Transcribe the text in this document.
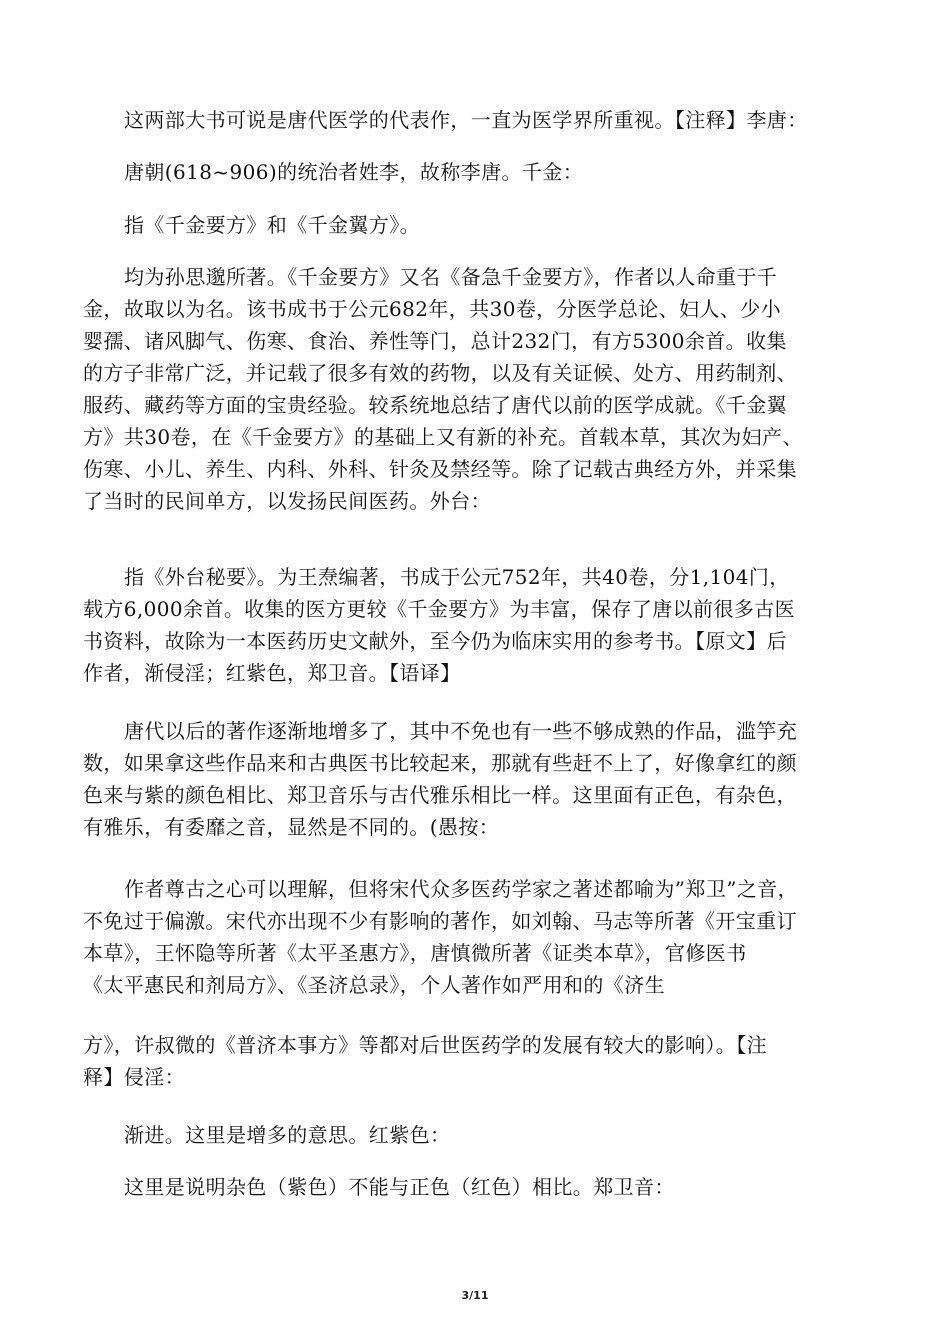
这两部大书可说是唐代医学的代表作，一直为医学界所重视。【注释】李唐：

唐朝(618~906)的统治者姓李，故称李唐。千金：

指《千金要方》和《千金翼方》。

均为孙思邈所著。《千金要方》又名《备急千金要方》，作者以人命重于千
金，故取以为名。该书成书于公元682年，共30卷，分医学总论、妇人、少小
婴孺、诸风脚气、伤寒、食治、养性等门，总计232门，有方5300余首。收集
的方子非常广泛，并记载了很多有效的药物，以及有关证候、处方、用药制剂、
服药、藏药等方面的宝贵经验。较系统地总结了唐代以前的医学成就。《千金翼
方》共30卷，在《千金要方》的基础上又有新的补充。首载本草，其次为妇产、
伤寒、小儿、养生、内科、外科、针灸及禁经等。除了记载古典经方外，并采集
了当时的民间单方，以发扬民间医药。外台：

指《外台秘要》。为王焘编著，书成于公元752年，共40卷，分1,104门，
载方6,000余首。收集的医方更较《千金要方》为丰富，保存了唐以前很多古医
书资料，故除为一本医药历史文献外，至今仍为临床实用的参考书。【原文】后
作者，渐侵淫；红紫色，郑卫音。【语译】

唐代以后的著作逐渐地增多了，其中不免也有一些不够成熟的作品，滥竽充
数，如果拿这些作品来和古典医书比较起来，那就有些赶不上了，好像拿红的颜
色来与紫的颜色相比、郑卫音乐与古代雅乐相比一样。这里面有正色，有杂色，
有雅乐，有委靡之音，显然是不同的。(愚按：

作者尊古之心可以理解，但将宋代众多医药学家之著述都喻为”郑卫”之音，
不免过于偏激。宋代亦出现不少有影响的著作，如刘翰、马志等所著《开宝重订
本草》，王怀隐等所著《太平圣惠方》，唐慎微所著《证类本草》，官修医书
《太平惠民和剂局方》、《圣济总录》，个人著作如严用和的《济生

方》，许叔微的《普济本事方》等都对后世医药学的发展有较大的影响）。【注
释】侵淫：

渐进。这里是增多的意思。红紫色：

这里是说明杂色（紫色）不能与正色（红色）相比。郑卫音：

3/11
